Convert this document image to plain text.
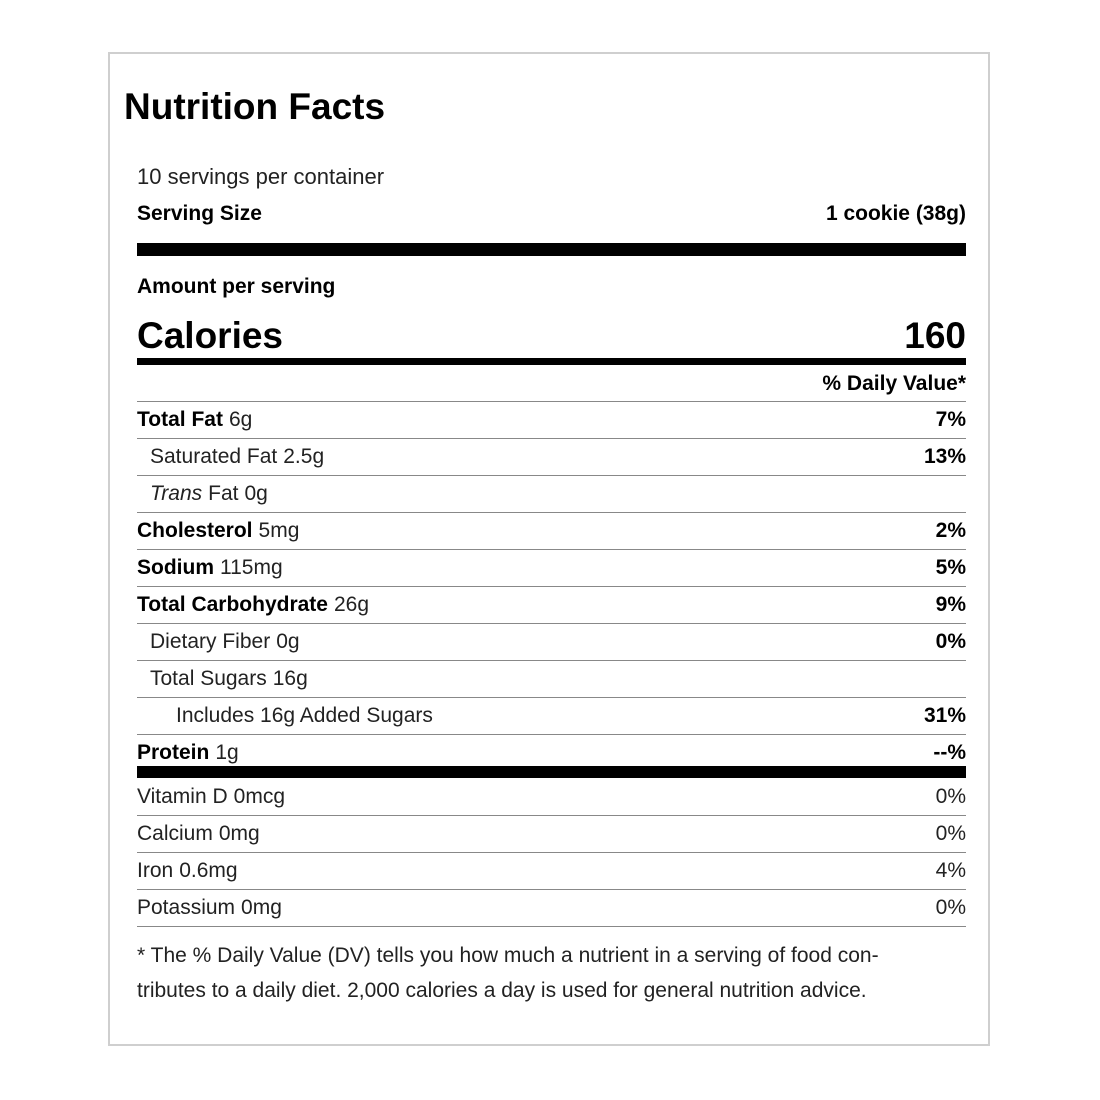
Nutrition Facts
10 servings per container
Serving Size	1 cookie (38g)
Amount per serving
Calories	160
% Daily Value*
Total Fat 6g	7%
Saturated Fat 2.5g	13%
Trans Fat 0g
Cholesterol 5mg	2%
Sodium 115mg	5%
Total Carbohydrate 26g	9%
Dietary Fiber 0g	0%
Total Sugars 16g
Includes 16g Added Sugars	31%
Protein 1g	--%
Vitamin D 0mcg	0%
Calcium 0mg	0%
Iron 0.6mg	4%
Potassium 0mg	0%
* The % Daily Value (DV) tells you how much a nutrient in a serving of food con-
tributes to a daily diet. 2,000 calories a day is used for general nutrition advice.
